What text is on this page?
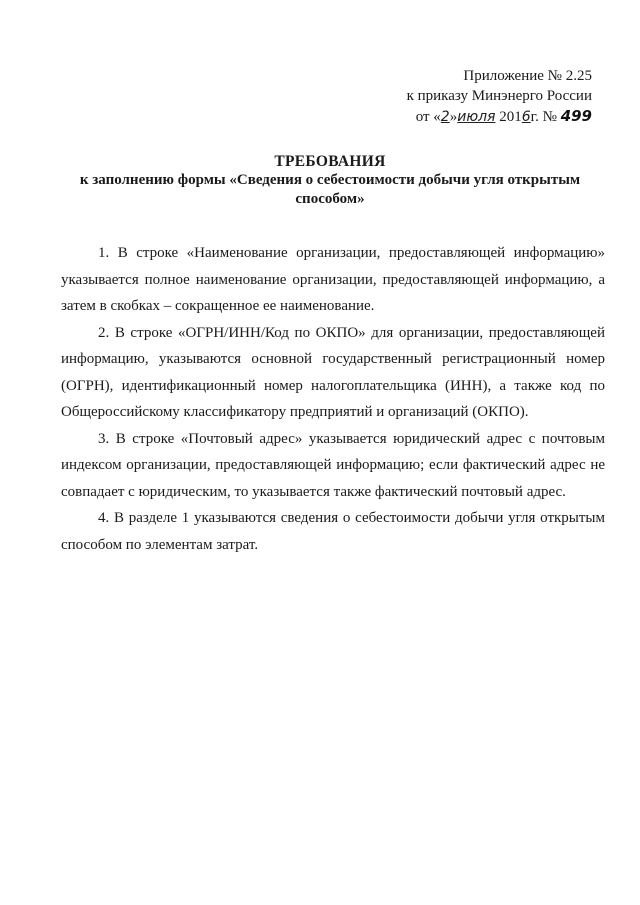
Приложение № 2.25
к приказу Минэнерго России
от «2»июля 2016г. № 499
ТРЕБОВАНИЯ
к заполнению формы «Сведения о себестоимости добычи угля открытым способом»

1. В строке «Наименование организации, предоставляющей информацию» указывается полное наименование организации, предоставляющей информацию, а затем в скобках – сокращенное ее наименование.

2. В строке «ОГРН/ИНН/Код по ОКПО» для организации, предоставляющей информацию, указываются основной государственный регистрационный номер (ОГРН), идентификационный номер налогоплательщика (ИНН), а также код по Общероссийскому классификатору предприятий и организаций (ОКПО).

3. В строке «Почтовый адрес» указывается юридический адрес с почтовым индексом организации, предоставляющей информацию; если фактический адрес не совпадает с юридическим, то указывается также фактический почтовый адрес.

4. В разделе 1 указываются сведения о себестоимости добычи угля открытым способом по элементам затрат.
